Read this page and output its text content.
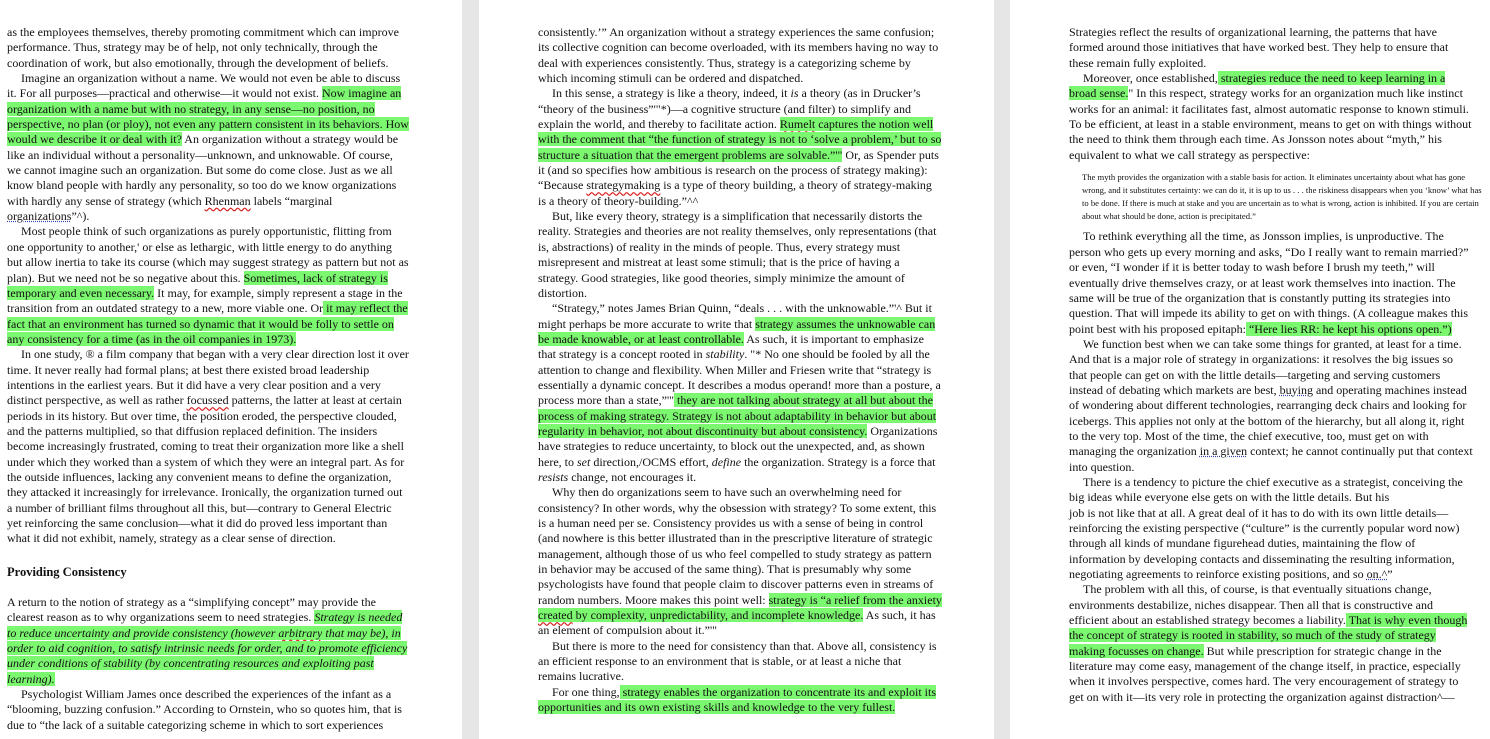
as the employees themselves, thereby promoting commitment which can improve performance. Thus, strategy may be of help, not only technically, through the coordination of work, but also emotionally, through the development of beliefs.

Imagine an organization without a name. We would not even be able to discuss it. For all purposes—practical and otherwise—it would not exist. Now imagine an organization with a name but with no strategy, in any sense—no position, no perspective, no plan (or ploy), not even any pattern consistent in its behaviors. How would we describe it or deal with it? An organization without a strategy would be like an individual without a personality—unknown, and unknowable. Of course, we cannot imagine such an organization. But some do come close. Just as we all know bland people with hardly any personality, so too do we know organizations with hardly any sense of strategy (which Rhenman labels “marginal organizations”^).

Most people think of such organizations as purely opportunistic, flitting from one opportunity to another,' or else as lethargic, with little energy to do anything but allow inertia to take its course (which may suggest strategy as pattern but not as plan). But we need not be so negative about this. Sometimes, lack of strategy is temporary and even necessary. It may, for example, simply represent a stage in the transition from an outdated strategy to a new, more viable one. Or it may reflect the fact that an environment has turned so dynamic that it would be folly to settle on any consistency for a time (as in the oil companies in 1973).

In one study, ® a film company that began with a very clear direction lost it over time. It never really had formal plans; at best there existed broad leadership intentions in the earliest years. But it did have a very clear position and a very distinct perspective, as well as rather focussed patterns, the latter at least at certain periods in its history. But over time, the position eroded, the perspective clouded, and the patterns multiplied, so that diffusion replaced definition. The insiders become increasingly frustrated, coming to treat their organization more like a shell under which they worked than a system of which they were an integral part. As for the outside influences, lacking any convenient means to define the organization, they attacked it increasingly for irrelevance. Ironically, the organization turned out a number of brilliant films throughout all this, but—contrary to General Electric yet reinforcing the same conclusion—what it did do proved less important than what it did not exhibit, namely, strategy as a clear sense of direction.

Providing Consistency

A return to the notion of strategy as a “simplifying concept” may provide the clearest reason as to why organizations seem to need strategies. Strategy is needed to reduce uncertainty and provide consistency (however arbitrary that may be), in order to aid cognition, to satisfy intrinsic needs for order, and to promote efficiency under conditions of stability (by concentrating resources and exploiting past learning).

Psychologist William James once described the experiences of the infant as a “blooming, buzzing confusion.” According to Ornstein, who so quotes him, that is due to “the lack of a suitable categorizing scheme in which to sort experiences

consistently.’” An organization without a strategy experiences the same confusion; its collective cognition can become overloaded, with its members having no way to deal with experiences consistently. Thus, strategy is a categorizing scheme by which incoming stimuli can be ordered and dispatched.

In this sense, a strategy is like a theory, indeed, it is a theory (as in Drucker’s “theory of the business”'"*)—a cognitive structure (and filter) to simplify and explain the world, and thereby to facilitate action. Rumelt captures the notion well with the comment that “the function of strategy is not to ‘solve a problem,’ but to so structure a situation that the emergent problems are solvable.”'" Or, as Spender puts it (and so specifies how ambitious is research on the process of strategy making): “Because strategymaking is a type of theory building, a theory of strategy-making is a theory of theory-building.”^^

But, like every theory, strategy is a simplification that necessarily distorts the reality. Strategies and theories are not reality themselves, only representations (that is, abstractions) of reality in the minds of people. Thus, every strategy must misrepresent and mistreat at least some stimuli; that is the price of having a strategy. Good strategies, like good theories, simply minimize the amount of distortion.

“Strategy,” notes James Brian Quinn, “deals . . . with the unknowable.”'^ But it might perhaps be more accurate to write that strategy assumes the unknowable can be made knowable, or at least controllable. As such, it is important to emphasize that strategy is a concept rooted in stability. "* No one should be fooled by all the attention to change and flexibility. When Miller and Friesen write that “strategy is essentially a dynamic concept. It describes a modus operand! more than a posture, a process more than a state,”'" they are not talking about strategy at all but about the process of making strategy. Strategy is not about adaptability in behavior but about regularity in behavior, not about discontinuity but about consistency. Organizations have strategies to reduce uncertainty, to block out the unexpected, and, as shown here, to set direction,/OCMS effort, define the organization. Strategy is a force that resists change, not encourages it.

Why then do organizations seem to have such an overwhelming need for consistency? In other words, why the obsession with strategy? To some extent, this is a human need per se. Consistency provides us with a sense of being in control (and nowhere is this better illustrated than in the prescriptive literature of strategic management, although those of us who feel compelled to study strategy as pattern in behavior may be accused of the same thing). That is presumably why some psychologists have found that people claim to discover patterns even in streams of random numbers. Moore makes this point well: strategy is “a relief from the anxiety created by complexity, unpredictability, and incomplete knowledge. As such, it has an element of compulsion about it.”'"

But there is more to the need for consistency than that. Above all, consistency is an efficient response to an environment that is stable, or at least a niche that remains lucrative.

For one thing, strategy enables the organization to concentrate its and exploit its opportunities and its own existing skills and knowledge to the very fullest.

Strategies reflect the results of organizational learning, the patterns that have formed around those initiatives that have worked best. They help to ensure that these remain fully exploited.

Moreover, once established, strategies reduce the need to keep learning in a broad sense." In this respect, strategy works for an organization much like instinct works for an animal: it facilitates fast, almost automatic response to known stimuli. To be efficient, at least in a stable environment, means to get on with things without the need to think them through each time. As Jonsson notes about “myth,” his equivalent to what we call strategy as perspective:

The myth provides the organization with a stable basis for action. It eliminates uncertainty about what has gone wrong, and it substitutes certainty: we can do it, it is up to us . . . the riskiness disappears when you ‘know’ what has to be done. If there is much at stake and you are uncertain as to what is wrong, action is inhibited. If you are certain about what should be done, action is precipitated.”

To rethink everything all the time, as Jonsson implies, is unproductive. The person who gets up every morning and asks, “Do I really want to remain married?” or even, “I wonder if it is better today to wash before I brush my teeth,” will eventually drive themselves crazy, or at least work themselves into inaction. The same will be true of the organization that is constantly putting its strategies into question. That will impede its ability to get on with things. (A colleague makes this point best with his proposed epitaph: “Here lies RR: he kept his options open.”)

We function best when we can take some things for granted, at least for a time. And that is a major role of strategy in organizations: it resolves the big issues so that people can get on with the little details—targeting and serving customers instead of debating which markets are best, buying and operating machines instead of wondering about different technologies, rearranging deck chairs and looking for icebergs. This applies not only at the bottom of the hierarchy, but all along it, right to the very top. Most of the time, the chief executive, too, must get on with managing the organization in a given context; he cannot continually put that context into question.

There is a tendency to picture the chief executive as a strategist, conceiving the big ideas while everyone else gets on with the little details. But his

job is not like that at all. A great deal of it has to do with its own little details—reinforcing the existing perspective (“culture” is the currently popular word now) through all kinds of mundane figurehead duties, maintaining the flow of information by developing contacts and disseminating the resulting information, negotiating agreements to reinforce existing positions, and so on.^”

The problem with all this, of course, is that eventually situations change, environments destabilize, niches disappear. Then all that is constructive and efficient about an established strategy becomes a liability. That is why even though the concept of strategy is rooted in stability, so much of the study of strategy making focusses on change. But while prescription for strategic change in the literature may come easy, management of the change itself, in practice, especially when it involves perspective, comes hard. The very encouragement of strategy to get on with it—its very role in protecting the organization against distraction^—
